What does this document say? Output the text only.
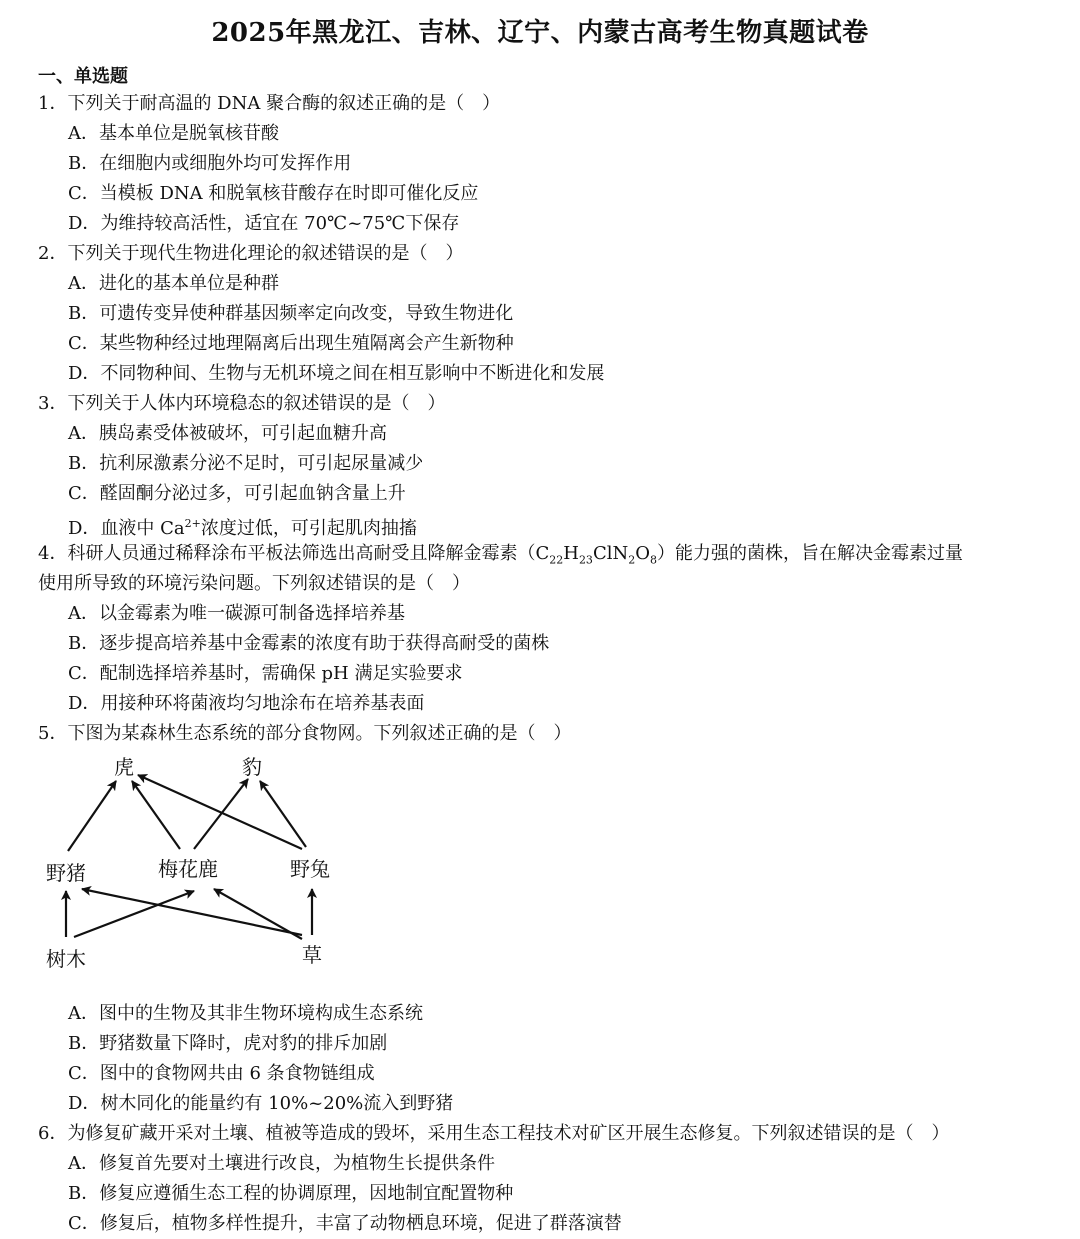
2025年黑龙江、吉林、辽宁、内蒙古高考生物真题试卷
一、单选题
1．下列关于耐高温的 DNA 聚合酶的叙述正确的是（　）
A．基本单位是脱氧核苷酸
B．在细胞内或细胞外均可发挥作用
C．当模板 DNA 和脱氧核苷酸存在时即可催化反应
D．为维持较高活性，适宜在 70℃~75℃下保存
2．下列关于现代生物进化理论的叙述错误的是（　）
A．进化的基本单位是种群
B．可遗传变异使种群基因频率定向改变，导致生物进化
C．某些物种经过地理隔离后出现生殖隔离会产生新物种
D．不同物种间、生物与无机环境之间在相互影响中不断进化和发展
3．下列关于人体内环境稳态的叙述错误的是（　）
A．胰岛素受体被破坏，可引起血糖升高
B．抗利尿激素分泌不足时，可引起尿量减少
C．醛固酮分泌过多，可引起血钠含量上升
D．血液中 $Ca^{2+}$浓度过低，可引起肌肉抽搐
4．科研人员通过稀释涂布平板法筛选出高耐受且降解金霉素$(C_{22}H_{23}ClN_2O_8)$能力强的菌株，旨在解决金霉素过量
使用所导致的环境污染问题。下列叙述错误的是（　）
A．以金霉素为唯一碳源可制备选择培养基
B．逐步提高培养基中金霉素的浓度有助于获得高耐受的菌株
C．配制选择培养基时，需确保 pH 满足实验要求
D．用接种环将菌液均匀地涂布在培养基表面
5．下图为某森林生态系统的部分食物网。下列叙述正确的是（　）
虎	豹
野猪	梅花鹿	野兔
树木	草
A．图中的生物及其非生物环境构成生态系统
B．野猪数量下降时，虎对豹的排斥加剧
C．图中的食物网共由 6 条食物链组成
D．树木同化的能量约有 10%~20%流入到野猪
6．为修复矿藏开采对土壤、植被等造成的毁坏，采用生态工程技术对矿区开展生态修复。下列叙述错误的是（　）
A．修复首先要对土壤进行改良，为植物生长提供条件
B．修复应遵循生态工程的协调原理，因地制宜配置物种
C．修复后，植物多样性提升，丰富了动物栖息环境，促进了群落演替
